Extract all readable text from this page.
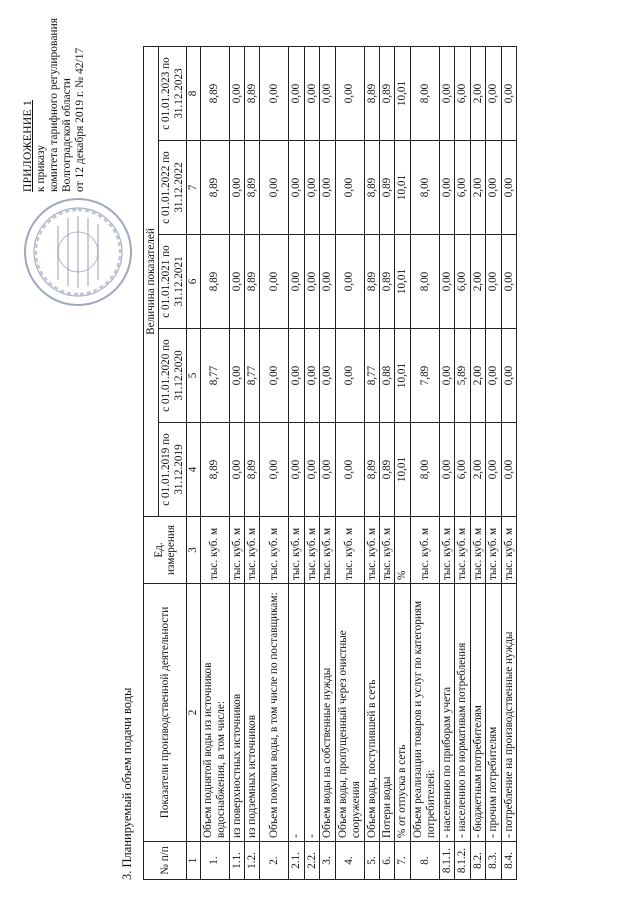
ПРИЛОЖЕНИЕ 1 к приказу комитета тарифного регулирования Волгоградской области от 12 декабря 2019 г. № 42/17
3. Планируемый объем подачи воды № п/п	Показатели производственной деятельности	Ед. измерения	Величина показателей				
			с 01.01.2019 по 31.12.2019	с 01.01.2020 по 31.12.2020	с 01.01.2021 по 31.12.2021	с 01.01.2022 по 31.12.2022	с 01.01.2023 по 31.12.2023
1	2	3	4	5	6	7	8
1.	Объем поднятой воды из источников водоснабжения, в том числе:	тыс. куб. м	8,89	8,77	8,89	8,89	8,89
1.1.	из поверхностных источников	тыс. куб. м	0,00	0,00	0,00	0,00	0,00
1.2.	из подземных источников	тыс. куб. м	8,89	8,77	8,89	8,89	8,89
2.	Объем покупки воды, в том числе по поставщикам:	тыс. куб. м	0,00	0,00	0,00	0,00	0,00
2.1.	-	тыс. куб. м	0,00	0,00	0,00	0,00	0,00
2.2.	-	тыс. куб. м	0,00	0,00	0,00	0,00	0,00
3.	Объем воды на собственные нужды	тыс. куб. м	0,00	0,00	0,00	0,00	0,00
4.	Объем воды, пропущенный через очистные сооружения	тыс. куб. м	0,00	0,00	0,00	0,00	0,00
5.	Объем воды, поступившей в сеть	тыс. куб. м	8,89	8,77	8,89	8,89	8,89
6.	Потери воды	тыс. куб. м	0,89	0,88	0,89	0,89	0,89
7.	% от отпуска в сеть	%	10,01	10,01	10,01	10,01	10,01
8.	Объем реализации товаров и услуг по категориям потребителей:	тыс. куб. м	8,00	7,89	8,00	8,00	8,00
8.1.1.	- населению по приборам учета	тыс. куб. м	0,00	0,00	0,00	0,00	0,00
8.1.2.	- населению по нормативам потребления	тыс. куб. м	6,00	5,89	6,00	6,00	6,00
8.2.	- бюджетным потребителям	тыс. куб. м	2,00	2,00	2,00	2,00	2,00
8.3.	- прочим потребителям	тыс. куб. м	0,00	0,00	0,00	0,00	0,00
8.4.	- потребление на производственные нужды	тыс. куб. м	0,00	0,00	0,00	0,00	0,00
